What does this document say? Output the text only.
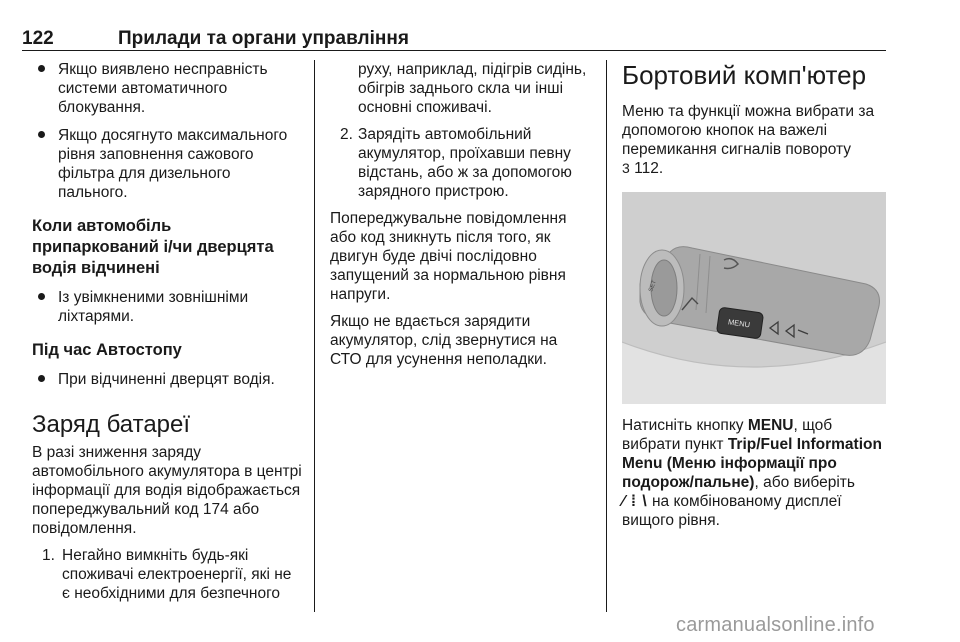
122	Прилади та органи управління
Якщо виявлено несправність системи автоматичного блокування.
Якщо досягнуто максимального рівня заповнення сажового фільтра для дизельного пального.
Коли автомобіль припаркований і/чи дверцята водія відчинені
Із увімкненими зовнішніми ліхтарями.
Під час Автостопу
При відчиненні дверцят водія.
Заряд батареї
В разі зниження заряду автомобільного акумулятора в центрі інформації для водія відображається попереджувальний код 174 або повідомлення.
1. Негайно вимкніть будь-які споживачі електроенергії, які не є необхідними для безпечного
руху, наприклад, підігрів сидінь, обігрів заднього скла чи інші основні споживачі.
2. Зарядіть автомобільний акумулятор, проїхавши певну відстань, або ж за допомогою зарядного пристрою.
Попереджувальне повідомлення або код зникнуть після того, як двигун буде двічі послідовно запущений за нормальною рівня напруги.
Якщо не вдається зарядити акумулятор, слід звернутися на СТО для усунення неполадки.
Бортовий комп'ютер
Меню та функції можна вибрати за допомогою кнопок на важелі перемикання сигналів повороту
3 112.
MENU
SET
Натисніть кнопку MENU, щоб вибрати пункт Trip/Fuel Information Menu (Меню інформації про подорож/пальне), або виберіть
⁄ ⁞ \ на комбінованому дисплеї вищого рівня.
carmanualsonline.info
